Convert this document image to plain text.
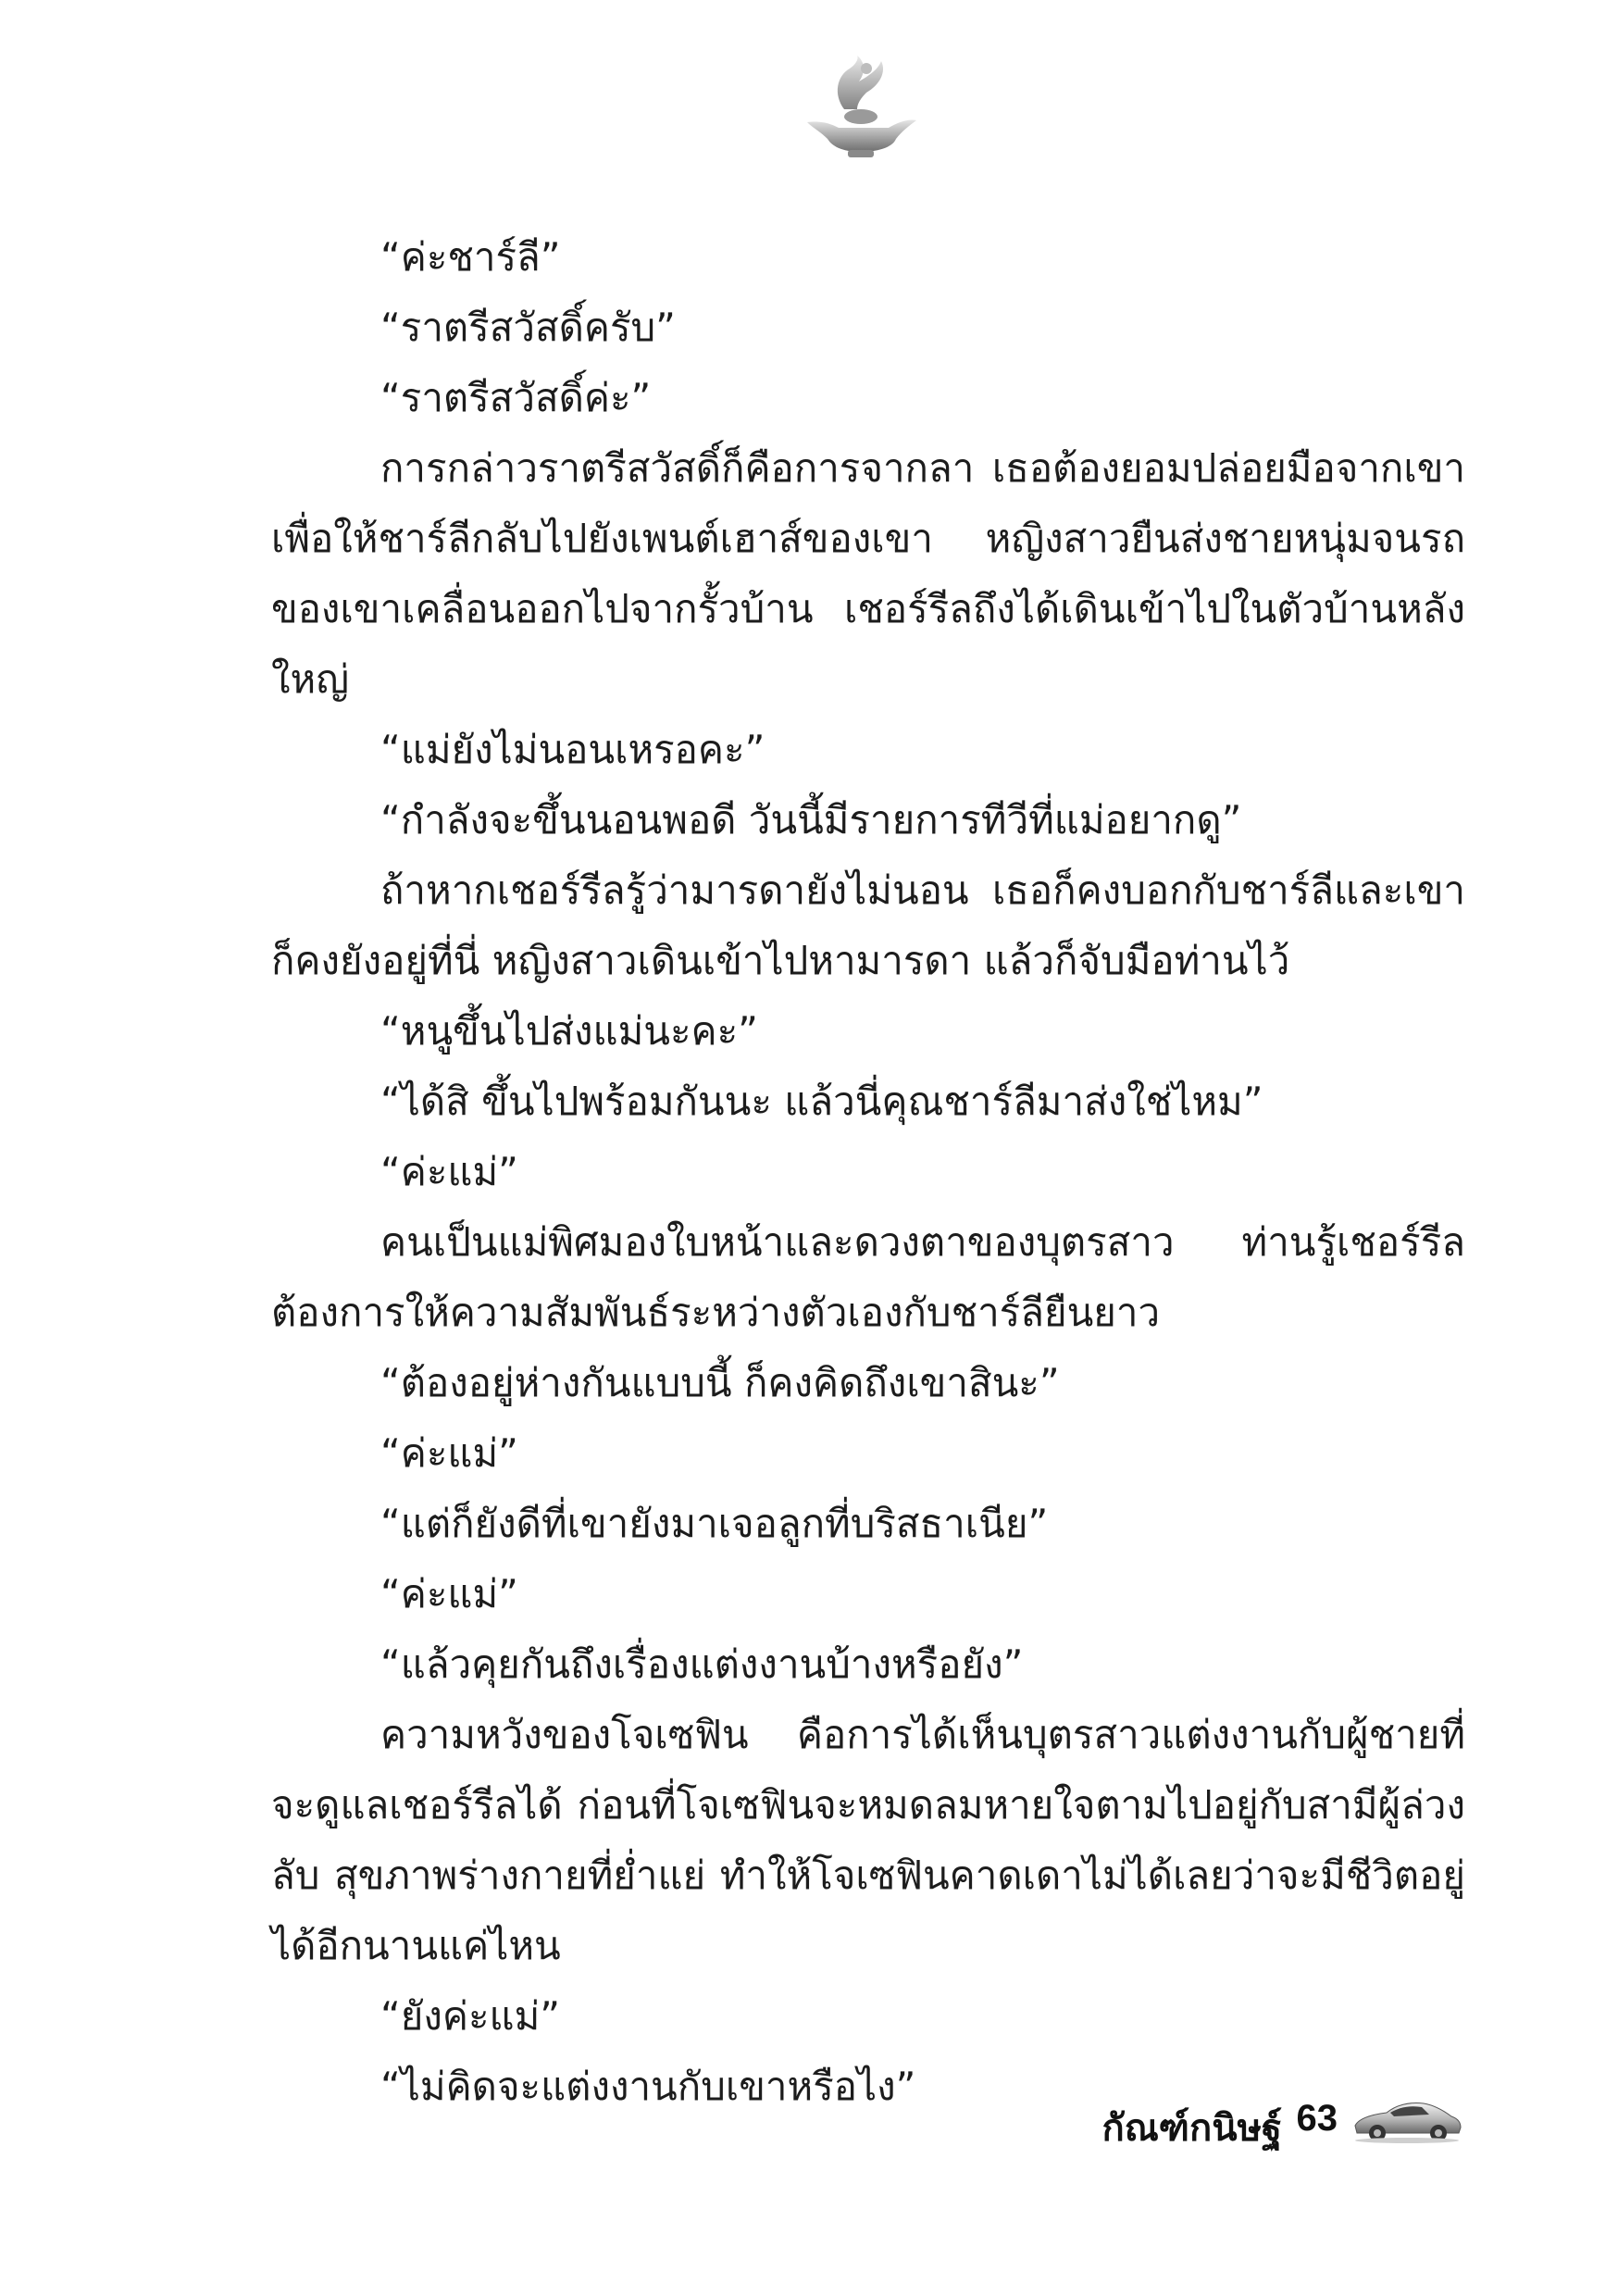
“ค่ะชาร์ลี”

“ราตรีสวัสดิ์ครับ”

“ราตรีสวัสดิ์ค่ะ”

การกล่าวราตรีสวัสดิ์ก็คือการจากลา เธอต้องยอมปล่อยมือจากเขาเพื่อให้ชาร์ลีกลับไปยังเพนต์เฮาส์ของเขา หญิงสาวยืนส่งชายหนุ่มจนรถของเขาเคลื่อนออกไปจากรั้วบ้าน เชอร์รีลถึงได้เดินเข้าไปในตัวบ้านหลังใหญ่

“แม่ยังไม่นอนเหรอคะ”

“กำลังจะขึ้นนอนพอดี วันนี้มีรายการทีวีที่แม่อยากดู”

ถ้าหากเชอร์รีลรู้ว่ามารดายังไม่นอน เธอก็คงบอกกับชาร์ลีและเขาก็คงยังอยู่ที่นี่ หญิงสาวเดินเข้าไปหามารดา แล้วก็จับมือท่านไว้

“หนูขึ้นไปส่งแม่นะคะ”

“ได้สิ ขึ้นไปพร้อมกันนะ แล้วนี่คุณชาร์ลีมาส่งใช่ไหม”

“ค่ะแม่”

คนเป็นแม่พิศมองใบหน้าและดวงตาของบุตรสาว ท่านรู้เชอร์รีลต้องการให้ความสัมพันธ์ระหว่างตัวเองกับชาร์ลียืนยาว

“ต้องอยู่ห่างกันแบบนี้ ก็คงคิดถึงเขาสินะ”

“ค่ะแม่”

“แต่ก็ยังดีที่เขายังมาเจอลูกที่บริสธาเนีย”

“ค่ะแม่”

“แล้วคุยกันถึงเรื่องแต่งงานบ้างหรือยัง”

ความหวังของโจเซฟิน คือการได้เห็นบุตรสาวแต่งงานกับผู้ชายที่จะดูแลเชอร์รีลได้ ก่อนที่โจเซฟินจะหมดลมหายใจตามไปอยู่กับสามีผู้ล่วงลับ สุขภาพร่างกายที่ย่ำแย่ ทำให้โจเซฟินคาดเดาไม่ได้เลยว่าจะมีชีวิตอยู่ได้อีกนานแค่ไหน

“ยังค่ะแม่”

“ไม่คิดจะแต่งงานกับเขาหรือไง”

กัณฑ์กนิษฐ์ 63
